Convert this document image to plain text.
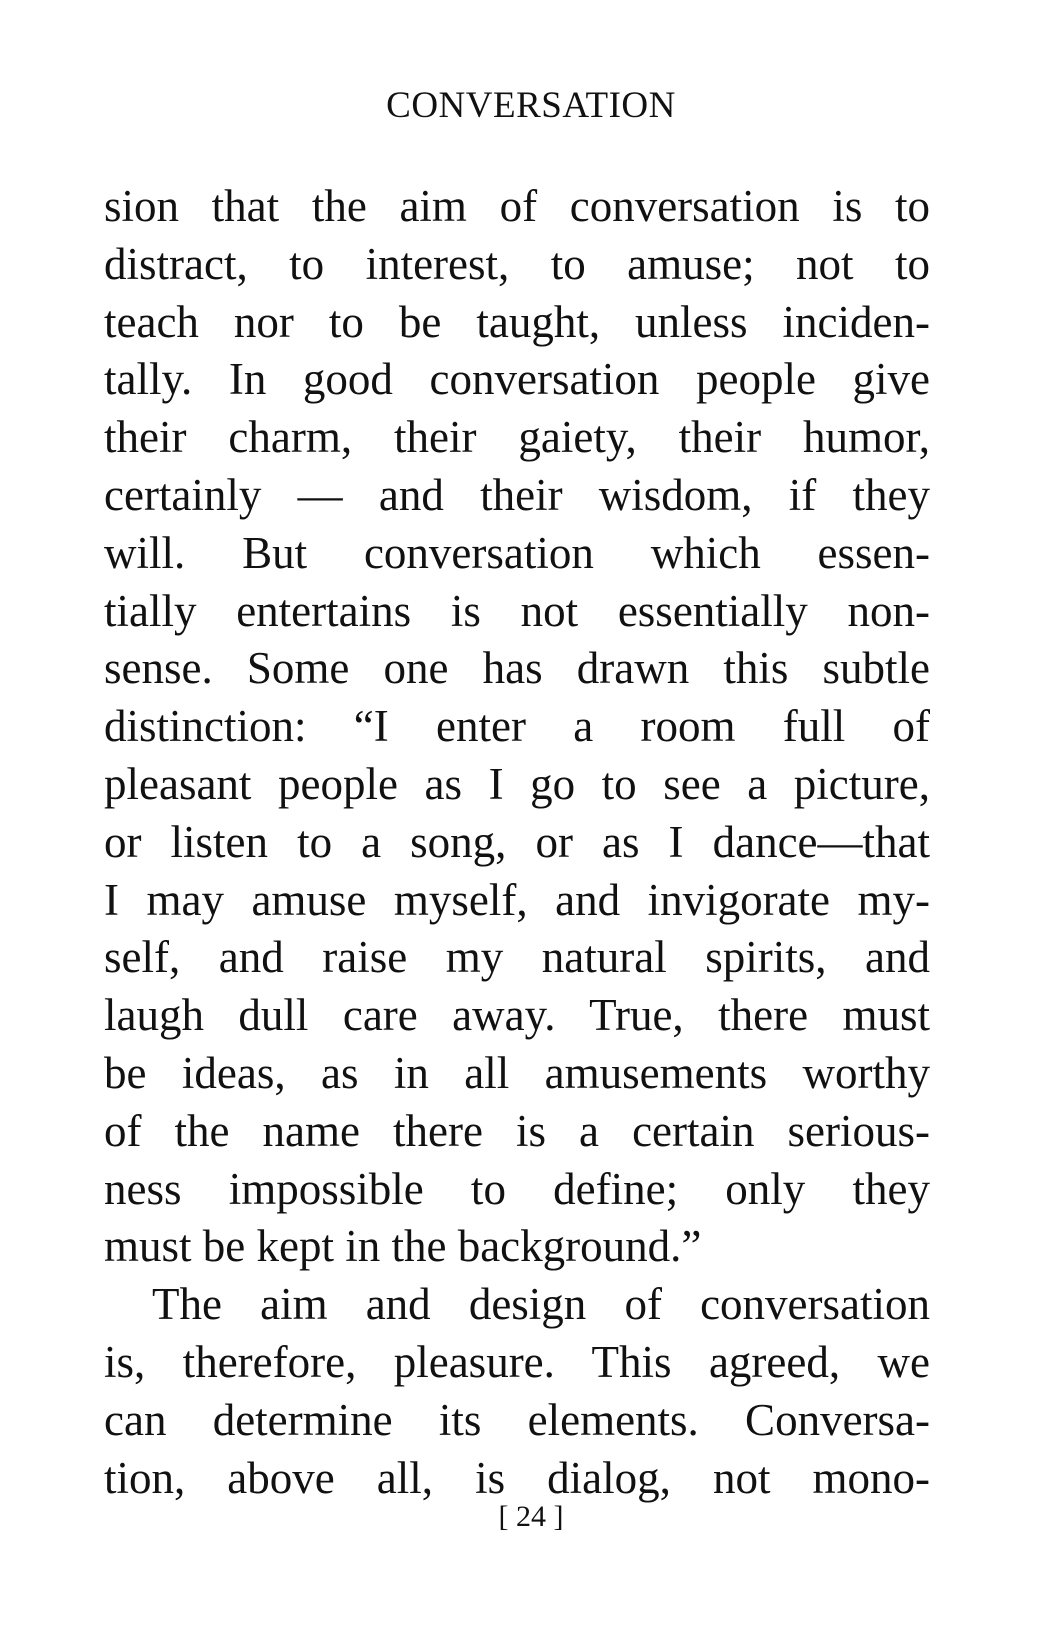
CONVERSATION
sion that the aim of conversation is to
distract, to interest, to amuse; not to
teach nor to be taught, unless inciden-
tally. In good conversation people give
their charm, their gaiety, their humor,
certainly — and their wisdom, if they
will. But conversation which essen-
tially entertains is not essentially non-
sense. Some one has drawn this subtle
distinction: “I enter a room full of
pleasant people as I go to see a picture,
or listen to a song, or as I dance—that
I may amuse myself, and invigorate my-
self, and raise my natural spirits, and
laugh dull care away. True, there must
be ideas, as in all amusements worthy
of the name there is a certain serious-
ness impossible to define; only they
must be kept in the background.”
The aim and design of conversation
is, therefore, pleasure. This agreed, we
can determine its elements. Conversa-
tion, above all, is dialog, not mono-
[ 24 ]
